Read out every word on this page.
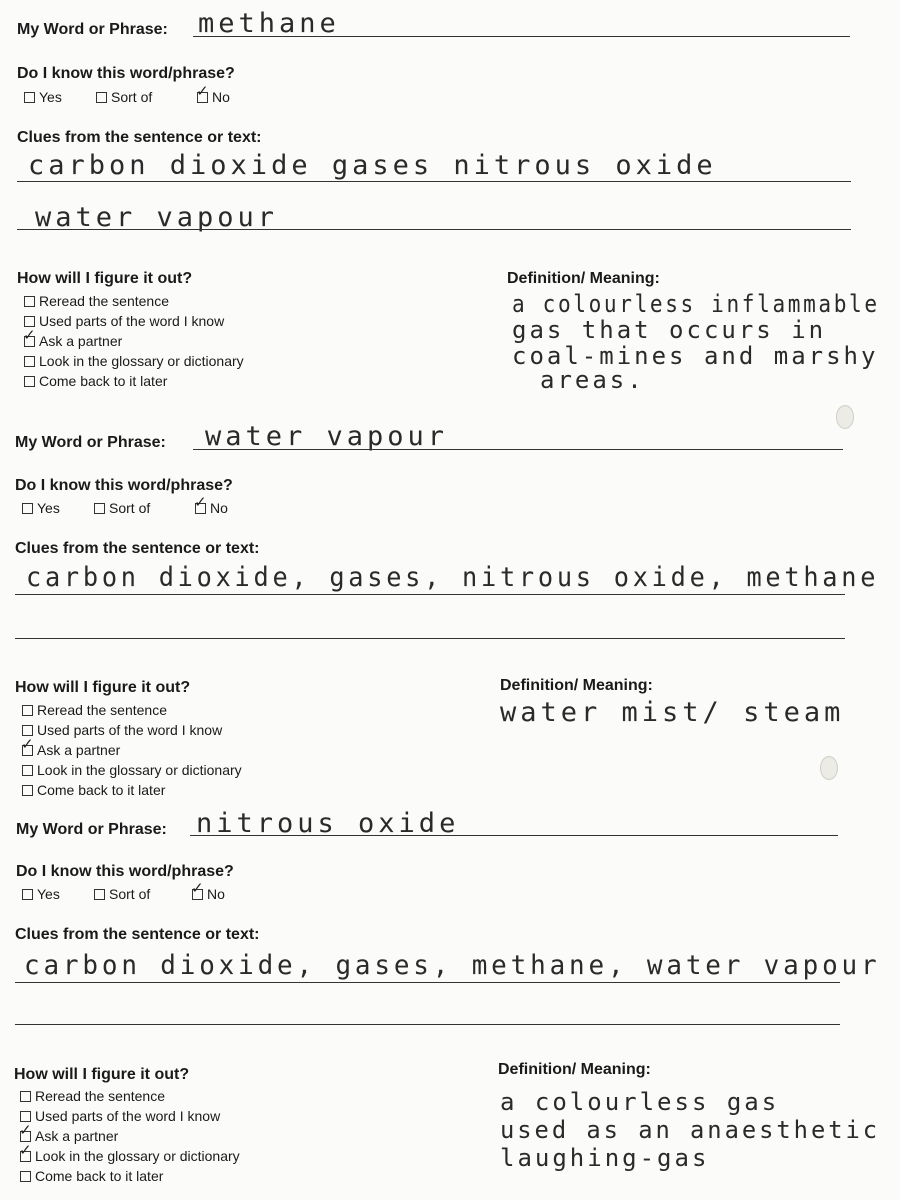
My Word or Phrase: methane
Do I know this word/phrase?
Yes	Sort of ✓	No
Clues from the sentence or text:
carbon dioxide gases nitrous oxide
water vapour
How will I figure it out?
Reread the sentence
Used parts of the word I know
✓Ask a partner
Look in the glossary or dictionary
Come back to it later
Definition/ Meaning:
a colourless inflammable
gas that occurs in
coal-mines and marshy
areas.
My Word or Phrase: water vapour
Do I know this word/phrase?
Yes	Sort of ✓	No
Clues from the sentence or text:
carbon dioxide, gases, nitrous oxide, methane
How will I figure it out?
Reread the sentence
Used parts of the word I know
✓Ask a partner
Look in the glossary or dictionary
Come back to it later
Definition/ Meaning:
water mist/ steam
My Word or Phrase: nitrous oxide
Do I know this word/phrase?
Yes	Sort of ✓	No
Clues from the sentence or text:
carbon dioxide, gases, methane, water vapour
How will I figure it out?
Reread the sentence
Used parts of the word I know
✓Ask a partner
✓Look in the glossary or dictionary
Come back to it later
Definition/ Meaning:
a colourless gas
used as an anaesthetic
laughing-gas
